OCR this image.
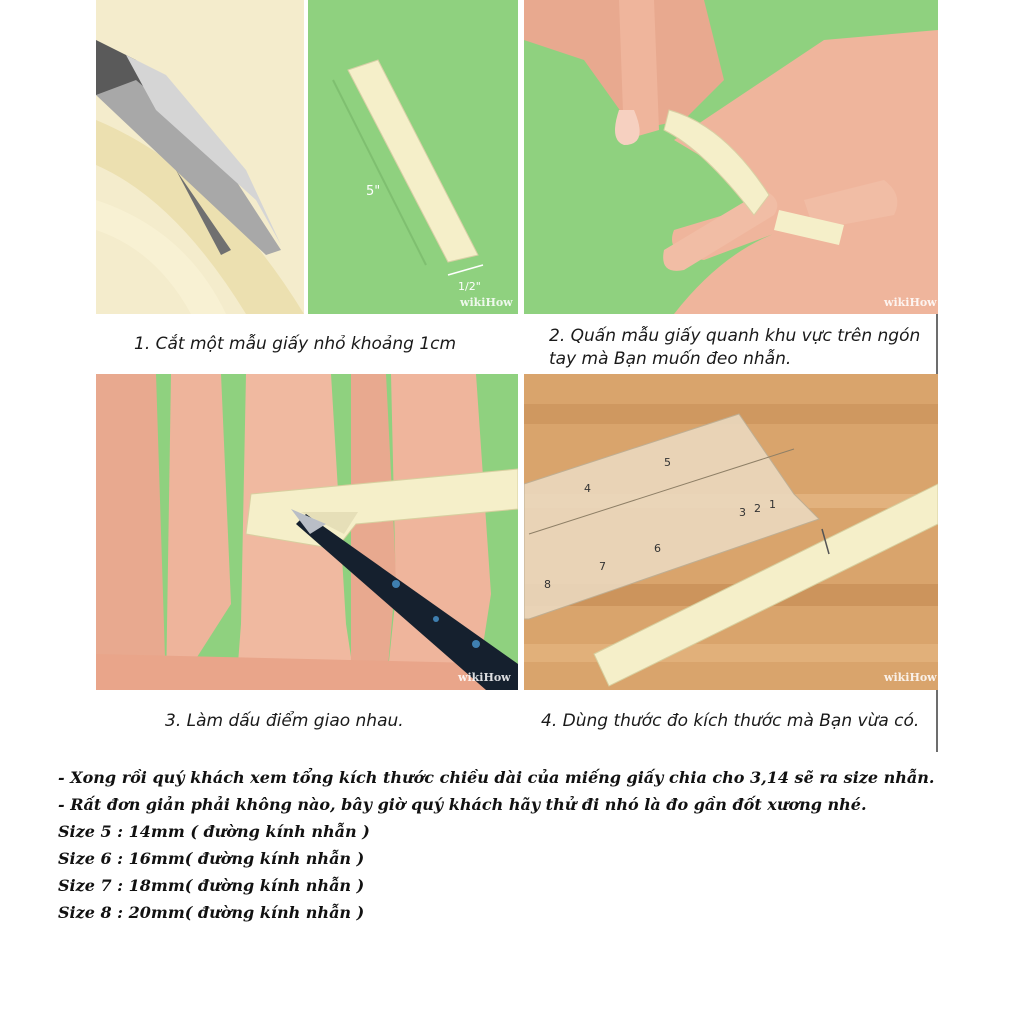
5"
1/2"
wikiHow
1. Cắt một mẫu giấy nhỏ khoảng 1cm
wikiHow
2. Quấn mẫu giấy quanh khu vực trên ngón
tay mà Bạn muốn đeo nhẫn.
wikiHow
3. Làm dấu điểm giao nhau.
5
4
3 2 1
6
7
8
wikiHow
4. Dùng thước đo kích thước mà Bạn vừa có.
- Xong rồi quý khách xem tổng kích thước chiều dài của miếng giấy chia cho 3,14 sẽ ra size nhẫn.
- Rất đơn giản phải không nào, bây giờ quý khách hãy thử đi nhó là đo gần đốt xương nhé.
Size 5 : 14mm ( đường kính nhẫn )
Size 6 : 16mm( đường kính nhẫn )
Size 7 : 18mm( đường kính nhẫn )
Size 8 : 20mm( đường kính nhẫn )
